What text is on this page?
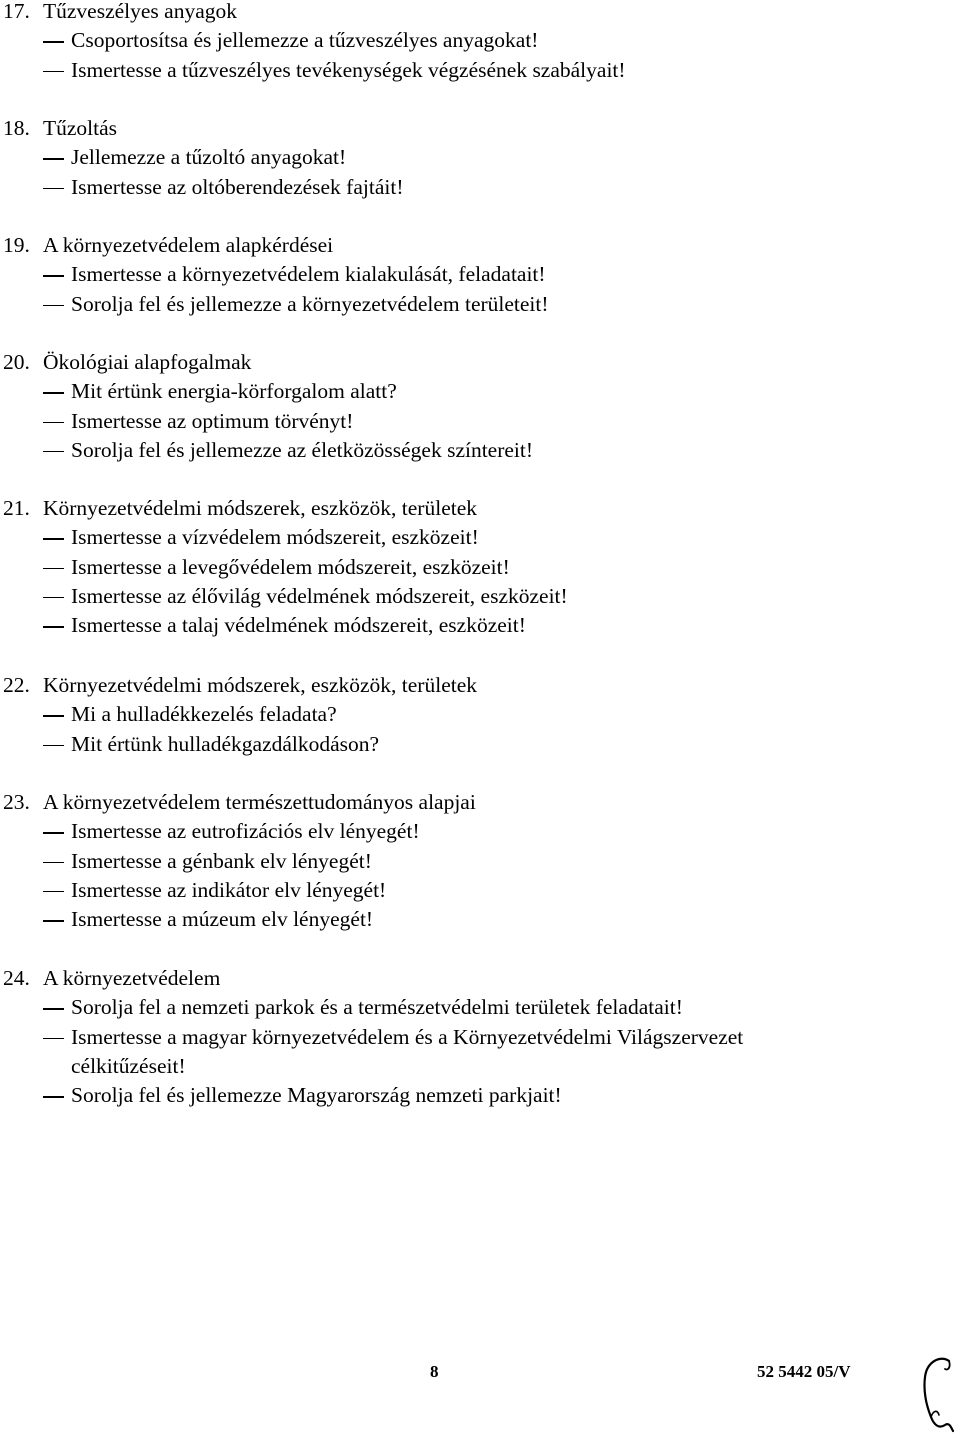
17. Tűzveszélyes anyagok
Csoportosítsa és jellemezze a tűzveszélyes anyagokat!
Ismertesse a tűzveszélyes tevékenységek végzésének szabályait!
18. Tűzoltás
Jellemezze a tűzoltó anyagokat!
Ismertesse az oltóberendezések fajtáit!
19. A környezetvédelem alapkérdései
Ismertesse a környezetvédelem kialakulását, feladatait!
Sorolja fel és jellemezze a környezetvédelem területeit!
20. Ökológiai alapfogalmak
Mit értünk energia-körforgalom alatt?
Ismertesse az optimum törvényt!
Sorolja fel és jellemezze az életközösségek színtereit!
21. Környezetvédelmi módszerek, eszközök, területek
Ismertesse a vízvédelem módszereit, eszközeit!
Ismertesse a levegővédelem módszereit, eszközeit!
Ismertesse az élővilág védelmének módszereit, eszközeit!
Ismertesse a talaj védelmének módszereit, eszközeit!
22. Környezetvédelmi módszerek, eszközök, területek
Mi a hulladékkezelés feladata?
Mit értünk hulladékgazdálkodáson?
23. A környezetvédelem természettudományos alapjai
Ismertesse az eutrofizációs elv lényegét!
Ismertesse a génbank elv lényegét!
Ismertesse az indikátor elv lényegét!
Ismertesse a múzeum elv lényegét!
24. A környezetvédelem
Sorolja fel a nemzeti parkok és a természetvédelmi területek feladatait!
Ismertesse a magyar környezetvédelem és a Környezetvédelmi Világszervezet
célkitűzéseit!
Sorolja fel és jellemezze Magyarország nemzeti parkjait!
8	52 5442 05/V
